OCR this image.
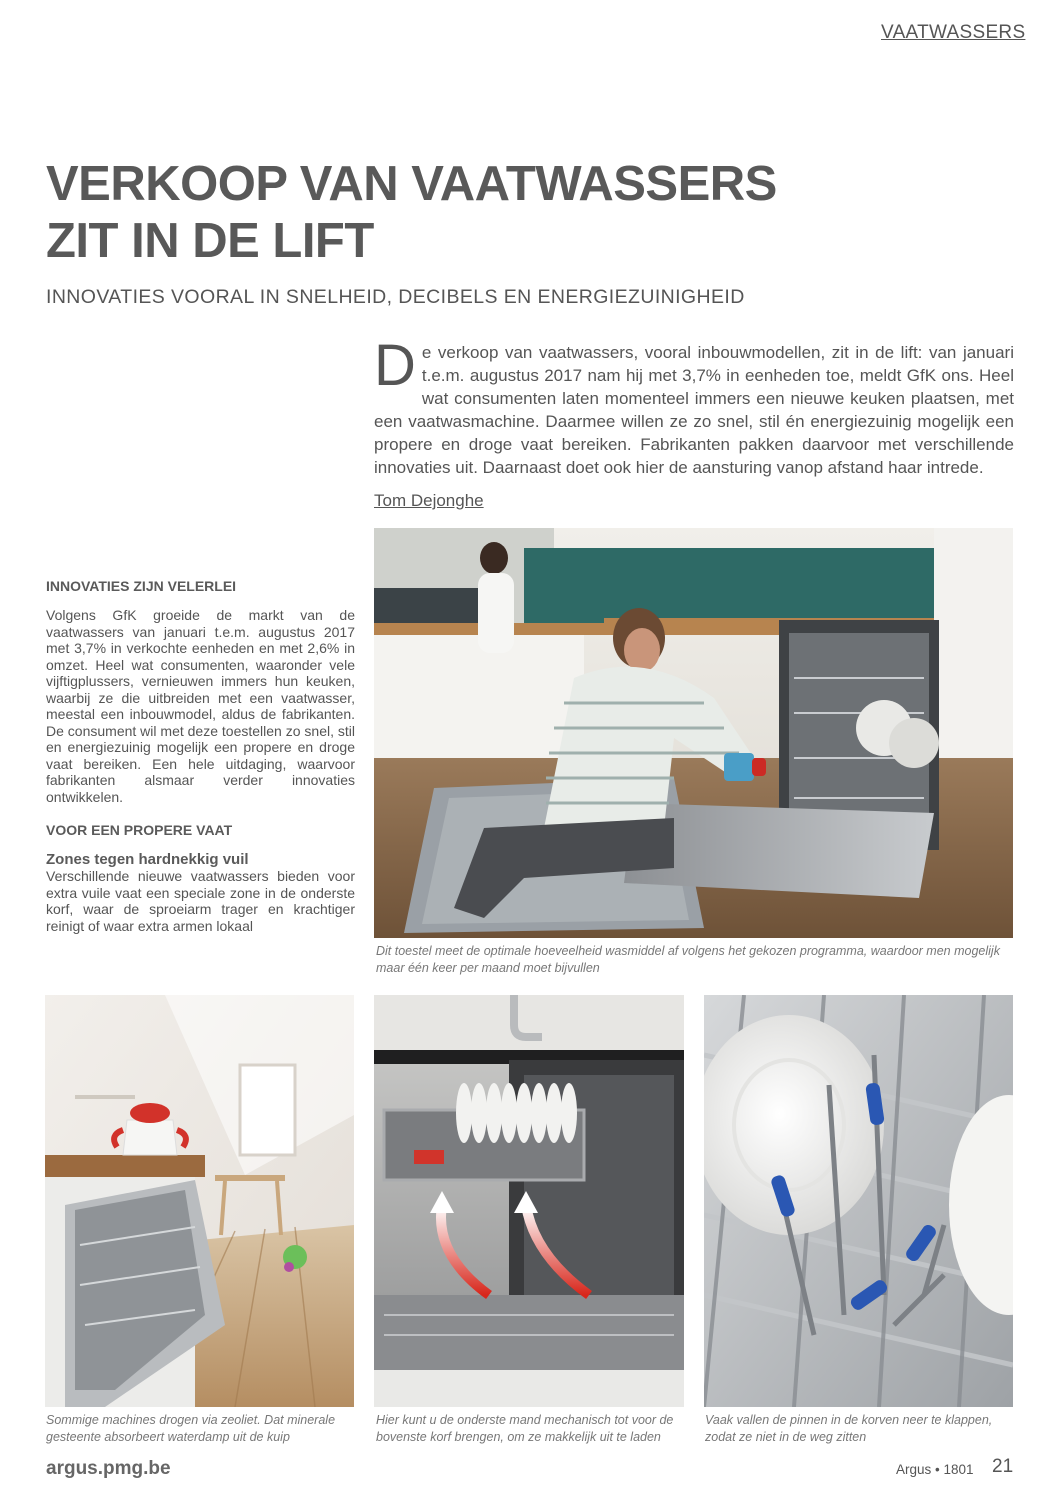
VAATWASSERS
VERKOOP VAN VAATWASSERS
ZIT IN DE LIFT
INNOVATIES VOORAL IN SNELHEID, DECIBELS EN ENERGIEZUINIGHEID
D e verkoop van vaatwassers, vooral inbouwmodellen, zit in de lift: van januari t.e.m. augustus 2017 nam hij met 3,7% in eenheden toe, meldt GfK ons. Heel wat consumenten laten momenteel immers een nieuwe keuken plaatsen, met een vaatwasmachine. Daarmee willen ze zo snel, stil én energiezuinig mogelijk een propere en droge vaat bereiken. Fabrikanten pakken daarvoor met verschillende innovaties uit. Daarnaast doet ook hier de aansturing vanop afstand haar intrede.
Tom Dejonghe
Dit toestel meet de optimale hoeveelheid wasmiddel af volgens het gekozen programma, waardoor men mogelijk maar één keer per maand moet bijvullen
INNOVATIES ZIJN VELERLEI

Volgens GfK groeide de markt van de vaatwassers van januari t.e.m. augustus 2017 met 3,7% in verkochte eenheden en met 2,6% in omzet. Heel wat consumenten, waaronder vele vijftigplussers, vernieuwen immers hun keuken, waarbij ze die uitbreiden met een vaatwasser, meestal een inbouwmodel, aldus de fabrikanten. De consument wil met deze toestellen zo snel, stil en energiezuinig mogelijk een propere en droge vaat bereiken. Een hele uitdaging, waarvoor fabrikanten alsmaar verder innovaties ontwikkelen.

VOOR EEN PROPERE VAAT
Zones tegen hardnekkig vuil

Verschillende nieuwe vaatwassers bieden voor extra vuile vaat een speciale zone in de onderste korf, waar de sproeiarm trager en krachtiger reinigt of waar extra armen lokaal

Sommige machines drogen via zeoliet. Dat minerale gesteente absorbeert waterdamp uit de kuip
Hier kunt u de onderste mand mechanisch tot voor de bovenste korf brengen, om ze makkelijk uit te laden
Vaak vallen de pinnen in de korven neer te klappen, zodat ze niet in de weg zitten
argus.pmg.be	Argus • 1801 21
